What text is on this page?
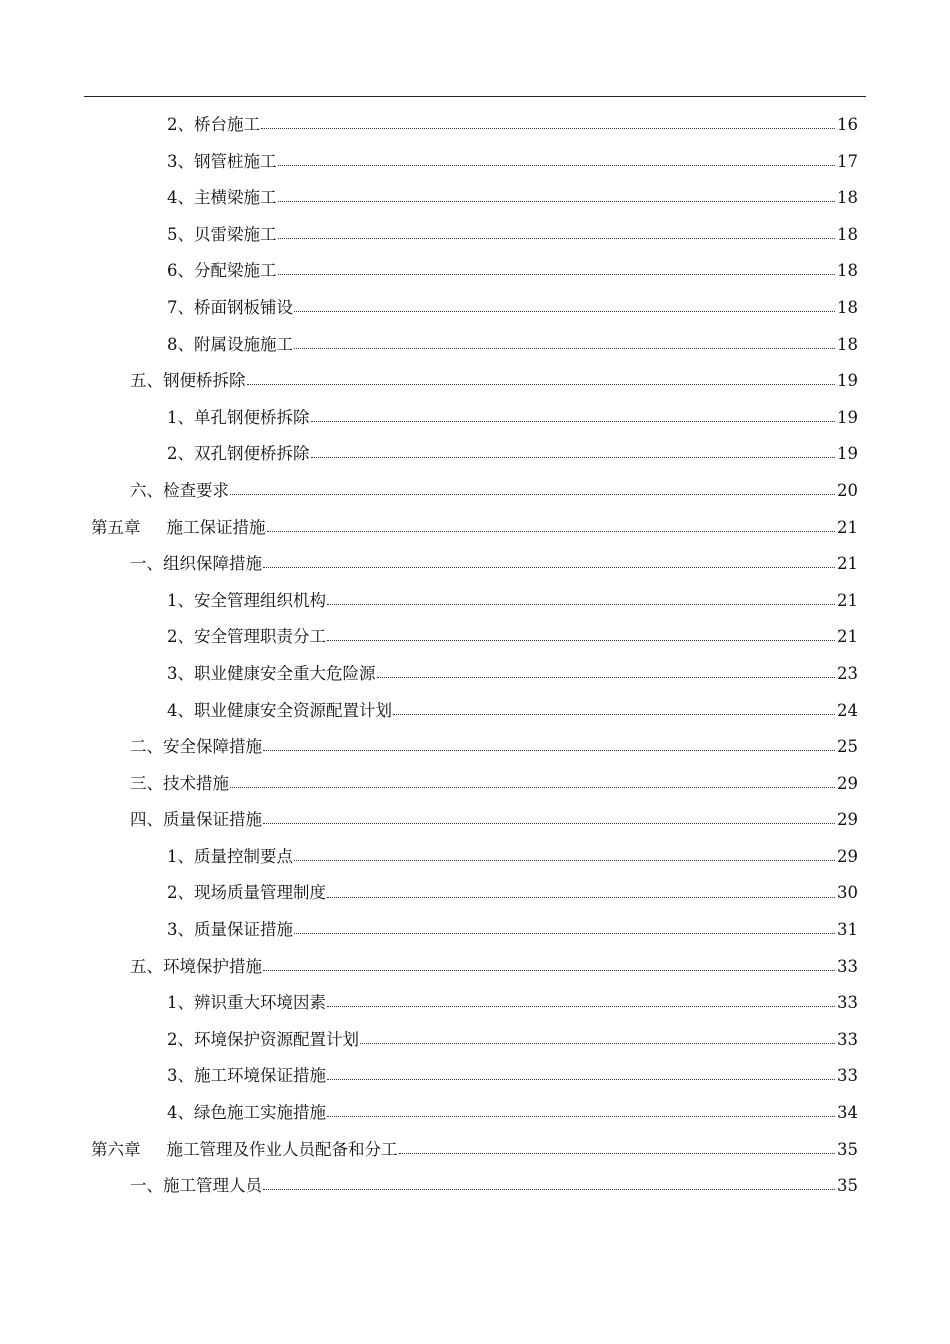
2、桥台施工	16
3、钢管桩施工	17
4、主横梁施工	18
5、贝雷梁施工	18
6、分配梁施工	18
7、桥面钢板铺设	18
8、附属设施施工	18
五、钢便桥拆除	19
1、单孔钢便桥拆除	19
2、双孔钢便桥拆除	19
六、检查要求	20
第五章 施工保证措施	21
一、组织保障措施	21
1、安全管理组织机构	21
2、安全管理职责分工	21
3、职业健康安全重大危险源	23
4、职业健康安全资源配置计划	24
二、安全保障措施	25
三、技术措施	29
四、质量保证措施	29
1、质量控制要点	29
2、现场质量管理制度	30
3、质量保证措施	31
五、环境保护措施	33
1、辨识重大环境因素	33
2、环境保护资源配置计划	33
3、施工环境保证措施	33
4、绿色施工实施措施	34
第六章 施工管理及作业人员配备和分工	35
一、施工管理人员	35
